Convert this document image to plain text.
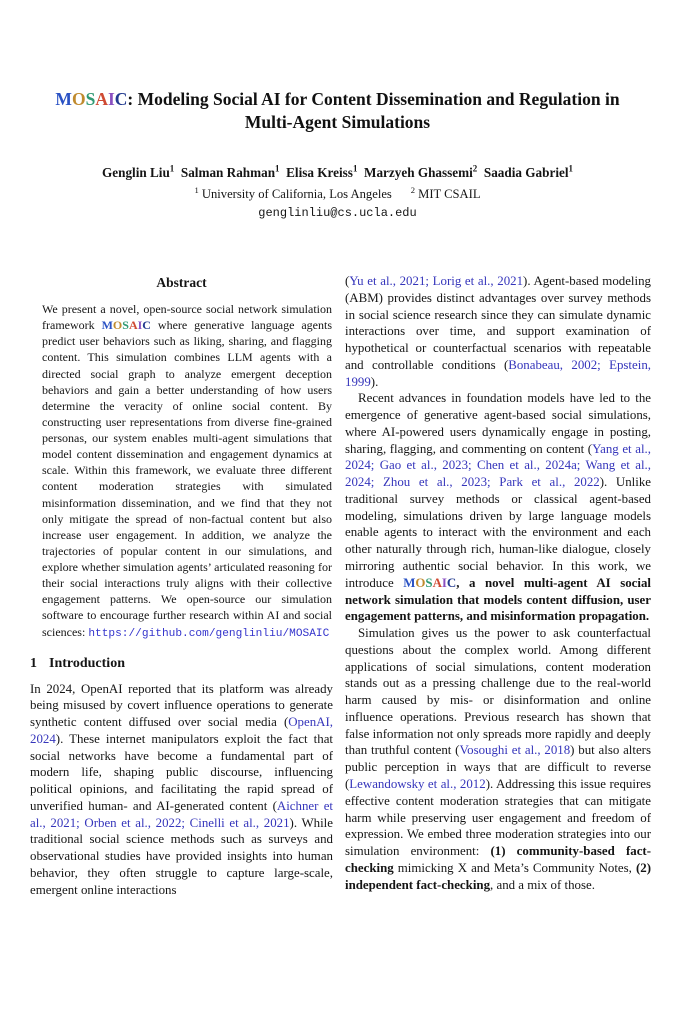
MOSAIC: Modeling Social AI for Content Dissemination and Regulation in Multi-Agent Simulations
Genglin Liu$^1$  Salman Rahman$^1$  Elisa Kreiss$^1$  Marzyeh Ghassemi$^2$  Saadia Gabriel$^1$
$^1$ University of California, Los Angeles      $^2$ MIT CSAIL
genglinliu@cs.ucla.edu
Abstract

We present a novel, open-source social network simulation framework MOSAIC where generative language agents predict user behaviors such as liking, sharing, and flagging content. This simulation combines LLM agents with a directed social graph to analyze emergent deception behaviors and gain a better understanding of how users determine the veracity of online social content. By constructing user representations from diverse fine-grained personas, our system enables multi-agent simulations that model content dissemination and engagement dynamics at scale. Within this framework, we evaluate three different content moderation strategies with simulated misinformation dissemination, and we find that they not only mitigate the spread of non-factual content but also increase user engagement. In addition, we analyze the trajectories of popular content in our simulations, and explore whether simulation agents’ articulated reasoning for their social interactions truly aligns with their collective engagement patterns. We open-source our simulation software to encourage further research within AI and social sciences: https://github.com/genglinliu/MOSAIC

1 Introduction

In 2024, OpenAI reported that its platform was already being misused by covert influence operations to generate synthetic content diffused over social media (OpenAI, 2024). These internet manipulators exploit the fact that social networks have become a fundamental part of modern life, shaping public discourse, influencing political opinions, and facilitating the rapid spread of unverified human- and AI-generated content (Aichner et al., 2021; Orben et al., 2022; Cinelli et al., 2021). While traditional social science methods such as surveys and observational studies have provided insights into human behavior, they often struggle to capture large-scale, emergent online interactions

(Yu et al., 2021; Lorig et al., 2021). Agent-based modeling (ABM) provides distinct advantages over survey methods in social science research since they can simulate dynamic interactions over time, and support examination of hypothetical or counterfactual scenarios with repeatable and controllable conditions (Bonabeau, 2002; Epstein, 1999).

Recent advances in foundation models have led to the emergence of generative agent-based social simulations, where AI-powered users dynamically engage in posting, sharing, flagging, and commenting on content (Yang et al., 2024; Gao et al., 2023; Chen et al., 2024a; Wang et al., 2024; Zhou et al., 2023; Park et al., 2022). Unlike traditional survey methods or classical agent-based modeling, simulations driven by large language models enable agents to interact with the environment and each other naturally through rich, human-like dialogue, closely mirroring authentic social behavior. In this work, we introduce MOSAIC, a novel multi-agent AI social network simulation that models content diffusion, user engagement patterns, and misinformation propagation.

Simulation gives us the power to ask counterfactual questions about the complex world. Among different applications of social simulations, content moderation stands out as a pressing challenge due to the real-world harm caused by mis- or disinformation and online influence operations. Previous research has shown that false information not only spreads more rapidly and deeply than truthful content (Vosoughi et al., 2018) but also alters public perception in ways that are difficult to reverse (Lewandowsky et al., 2012). Addressing this issue requires effective content moderation strategies that can mitigate harm while preserving user engagement and freedom of expression. We embed three moderation strategies into our simulation environment: (1) community-based fact-checking mimicking X and Meta’s Community Notes, (2) independent fact-checking, and a mix of those.
